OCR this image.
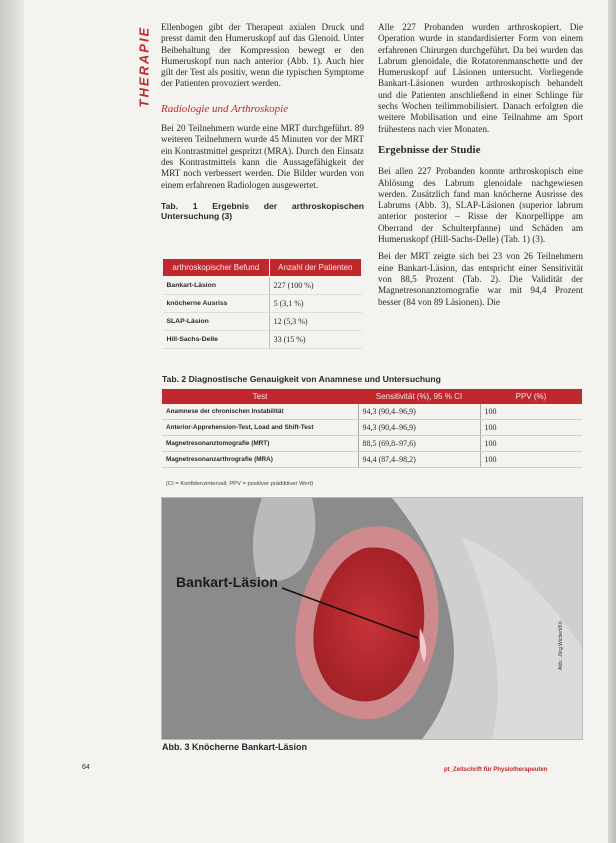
THERAPIE Ellenbogen gibt der Therapeut axialen Druck und presst damit den Humeruskopf auf das Glenoid. Unter Beibehaltung der Kompression bewegt er den Humeruskopf nun nach anterior (Abb. 1). Auch hier gilt der Test als positiv, wenn die typischen Symptome der Patienten provoziert werden.

Radiologie und Arthroskopie

Bei 20 Teilnehmern wurde eine MRT durchgeführt. 89 weiteren Teilnehmern wurde 45 Minuten vor der MRT ein Kontrastmittel gespritzt (MRA). Durch den Einsatz des Kontrastmittels kann die Aussagefähigkeit der MRT noch verbessert werden. Die Bilder wurden von einem erfahrenen Radiologen ausgewertet.

Tab. 1 Ergebnis der arthroskopischen Untersuchung (3)
arthroskopischer Befund	Anzahl der Patienten
Bankart-Läsion	227 (100 %)
knöcherne Ausriss	5 (3,1 %)
SLAP-Läsion	12 (5,3 %)
Hill-Sachs-Delle	33 (15 %)

Alle 227 Probanden wurden arthroskopiert. Die Operation wurde in standardisierter Form von einem erfahrenen Chirurgen durchgeführt. Da bei wurden das Labrum glenoidale, die Rotatorenmanschette und der Humeruskopf auf Läsionen untersucht. Vorliegende Bankart-Läsionen wurden arthroskopisch behandelt und die Patienten anschließend in einer Schlinge für sechs Wochen teilimmobilisiert. Danach erfolgten die weitere Mobilisation und eine Teilnahme am Sport frühestens nach vier Monaten.

Ergebnisse der Studie

Bei allen 227 Probanden konnte arthroskopisch eine Ablösung des Labrum glenoidale nachgewiesen werden. Zusätzlich fand man knöcherne Ausrisse des Labrums (Abb. 3), SLAP-Läsionen (superior labrum anterior posterior – Risse der Knorpellippe am Oberrand der Schulterpfanne) und Schäden am Humeruskopf (Hill-Sachs-Delle) (Tab. 1) (3).

Bei der MRT zeigte sich bei 23 von 26 Teilnehmern eine Bankart-Läsion, das entspricht einer Sensitivität von 88,5 Prozent (Tab. 2). Die Validität der Magnetresonanztomografie war mit 94,4 Prozent besser (84 von 89 Läsionen). Die

Tab. 2 Diagnostische Genauigkeit von Anamnese und Untersuchung
Test	Sensitivität (%), 95 % CI	PPV (%)
Anamnese der chronischen Instabilität	94,3 (90,4–96,9)	100
Anterior-Apprehension-Test, Load and Shift-Test	94,3 (90,4–96,9)	100
Magnetresonanztomografie (MRT)	88,5 (69,8–97,6)	100
Magnetresonanzarthrografie (MRA)	94,4 (87,4–98,2)	100
(CI = Konfidenzintervall; PPV = positiver prädiktiver Wert)
Bankart-Läsion
Abb.: Jörg Wichert/Kö
Abb. 3 Knöcherne Bankart-Läsion
64	pt_Zeitschrift für Physiotherapeuten
